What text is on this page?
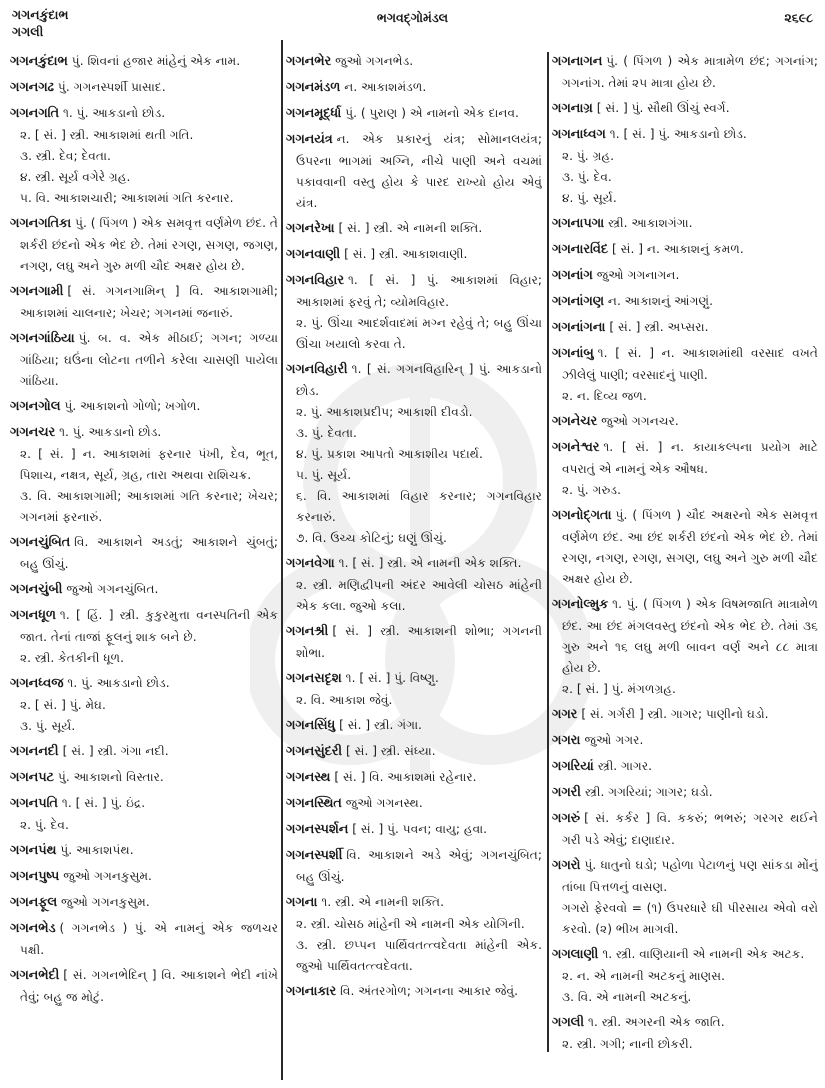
ગગનકુંદાભ
ગગલી
ભગવદ્ગોમંડલ	૨૬૯૮
ગગનકુંદાભ પું. શિવનાં હજાર માંહેનું એક નામ.
ગગનગઢ પું. ગગનસ્પર્શી પ્રાસાદ.
ગગનગતિ ૧. પું. આકડાનો છોડ.
૨. [ સં. ] સ્ત્રી. આકાશમાં થતી ગતિ.
૩. સ્ત્રી. દેવ; દેવતા.
૪. સ્ત્રી. સૂર્ય વગેરે ગ્રહ.
૫. વિ. આકાશચારી; આકાશમાં ગતિ કરનાર.
ગગનગતિકા પું. ( પિંગળ ) એક સમવૃત્ત વર્ણમેળ છંદ. તે શર્કરી છંદનો એક ભેદ છે. તેમાં રગણ, સગણ, જગણ, નગણ, લઘુ અને ગુરુ મળી ચૌદ અક્ષર હોય છે.
ગગનગામી [ સં. ગગનગામિન્ ] વિ. આકાશગામી; આકાશમાં ચાલનાર; ખેચર; ગગનમાં જનારું.
ગગનગાંઠિયા પું. બ. વ. એક મીઠાઈ; ગગન; ગળ્યા ગાંઠિયા; ઘઉંના લોટના તળીને કરેલા ચાસણી પાયેલા ગાંઠિયા.
ગગનગોલ પું. આકાશનો ગોળો; ખગોળ.
ગગનચર ૧. પું. આકડાનો છોડ.
૨. [ સં. ] ન. આકાશમાં ફરનાર પંખી, દેવ, ભૂત, પિશાચ, નક્ષત્ર, સૂર્ય, ગ્રહ, તારા અથવા રાશિચક્ર.
૩. વિ. આકાશગામી; આકાશમાં ગતિ કરનાર; ખેચર; ગગનમાં ફરનારું.
ગગનચુંબિત વિ. આકાશને અડતું; આકાશને ચુંબતું; બહુ ઊંચું.
ગગનચુંબી જુઓ ગગનચુંબિત.
ગગનધૂળ ૧. [ હિં. ] સ્ત્રી. કુકુરમુત્તા વનસ્પતિની એક જાત. તેનાં તાજાં ફૂલનું શાક બને છે.
૨. સ્ત્રી. કેતકીની ધૂળ.
ગગનધ્વજ ૧. પું. આકડાનો છોડ.
૨. [ સં. ] પું. મેઘ.
૩. પું. સૂર્ય.
ગગનનદી [ સં. ] સ્ત્રી. ગંગા નદી.
ગગનપટ પું. આકાશનો વિસ્તાર.
ગગનપતિ ૧. [ સં. ] પું. ઇંદ્ર.
૨. પું. દેવ.
ગગનપંથ પું. આકાશપંથ.
ગગનપુષ્પ જુઓ ગગનકુસુમ.
ગગનફૂલ જુઓ ગગનકુસુમ.
ગગનભેડ ( ગગનભેડ ) પું. એ નામનું એક જળચર પક્ષી.
ગગનભેદી [ સં. ગગનભેદિન્ ] વિ. આકાશને ભેદી નાંખે તેવું; બહુ જ મોટું.
ગગનભેર જુઓ ગગનભેડ.
ગગનમંડળ ન. આકાશમંડળ.
ગગનમૂર્દ્ધા પું. ( પુરાણ ) એ નામનો એક દાનવ.
ગગનયંત્ર ન. એક પ્રકારનું યંત્ર; સોમાનલયંત્ર; ઉપરના ભાગમાં અગ્નિ, નીચે પાણી અને વચમાં પકાવવાની વસ્તુ હોય કે પારદ રાખ્યો હોય એવું યંત્ર.
ગગનરેખા [ સં. ] સ્ત્રી. એ નામની શક્તિ.
ગગનવાણી [ સં. ] સ્ત્રી. આકાશવાણી.
ગગનવિહાર ૧. [ સં. ] પું. આકાશમાં વિહાર; આકાશમાં ફરવું તે; વ્યોમવિહાર.
૨. પું. ઊંચા આદર્શવાદમાં મગ્ન રહેવું તે; બહુ ઊંચા ઊંચા ખયાલો કરવા તે.
ગગનવિહારી ૧. [ સં. ગગનવિહારિન્ ] પું. આકડાનો છોડ.
૨. પું. આકાશપ્રદીપ; આકાશી દીવડો.
૩. પું. દેવતા.
૪. પું. પ્રકાશ આપતો આકાશીય પદાર્થ.
૫. પું. સૂર્ય.
૬. વિ. આકાશમાં વિહાર કરનાર; ગગનવિહાર કરનારું.
૭. વિ. ઉચ્ચ કોટિનું; ઘણું ઊંચું.
ગગનવેગા ૧. [ સં. ] સ્ત્રી. એ નામની એક શક્તિ.
૨. સ્ત્રી. મણિદ્વીપની અંદર આવેલી ચોસઠ માંહેની એક કલા. જુઓ કલા.
ગગનશ્રી [ સં. ] સ્ત્રી. આકાશની શોભા; ગગનની શોભા.
ગગનસદૃશ ૧. [ સં. ] પું. વિષ્ણુ.
૨. વિ. આકાશ જેવું.
ગગનસિંધુ [ સં. ] સ્ત્રી. ગંગા.
ગગનસુંદરી [ સં. ] સ્ત્રી. સંધ્યા.
ગગનસ્થ [ સં. ] વિ. આકાશમાં રહેનાર.
ગગનસ્થિત જુઓ ગગનસ્થ.
ગગનસ્પર્શન [ સં. ] પું. પવન; વાયુ; હવા.
ગગનસ્પર્શી વિ. આકાશને અડે એવું; ગગનચુંબિત; બહુ ઊંચું.
ગગના ૧. સ્ત્રી. એ નામની શક્તિ.
૨. સ્ત્રી. ચોસઠ માંહેની એ નામની એક યોગિની.
૩. સ્ત્રી. છપ્પન પાર્થિવતત્ત્વદેવતા માંહેની એક. જુઓ પાર્થિવતત્ત્વદેવતા.
ગગનાકાર વિ. અંતરગોળ; ગગનના આકાર જેવું.
ગગનાગન પું. ( પિંગળ ) એક માત્રામેળ છંદ; ગગનાંગ; ગગનાંગ. તેમાં ૨૫ માત્રા હોય છે.
ગગનાગ્ર [ સં. ] પું. સૌથી ઊંચું સ્વર્ગ.
ગગનાધ્વગ ૧. [ સં. ] પું. આકડાનો છોડ.
૨. પું. ગ્રહ.
૩. પું. દેવ.
૪. પું. સૂર્ય.
ગગનાપગા સ્ત્રી. આકાશગંગા.
ગગનારવિંદ [ સં. ] ન. આકાશનું કમળ.
ગગનાંગ જુઓ ગગનાગન.
ગગનાંગણ ન. આકાશનું આંગણું.
ગગનાંગના [ સં. ] સ્ત્રી. અપ્સરા.
ગગનાંબુ ૧. [ સં. ] ન. આકાશમાંથી વરસાદ વખતે ઝીલેલું પાણી; વરસાદનું પાણી.
૨. ન. દિવ્ય જળ.
ગગનેચર જુઓ ગગનચર.
ગગનેશ્વર ૧. [ સં. ] ન. કાયાકલ્પના પ્રયોગ માટે વપરાતું એ નામનું એક ઔષધ.
૨. પું. ગરુડ.
ગગનોદ્ગતા પું. ( પિંગળ ) ચૌદ અક્ષરનો એક સમવૃત્ત વર્ણમેળ છંદ. આ છંદ શર્કરી છંદનો એક ભેદ છે. તેમાં રગણ, નગણ, રગણ, સગણ, લઘુ અને ગુરુ મળી ચૌદ અક્ષર હોય છે.
ગગનોલ્મુક ૧. પું. ( પિંગળ ) એક વિષમજાતિ માત્રામેળ છંદ. આ છંદ મંગલવસ્તુ છંદનો એક ભેદ છે. તેમાં ૩૬ ગુરુ અને ૧૬ લઘુ મળી બાવન વર્ણ અને ૮૮ માત્રા હોય છે.
૨. [ સં. ] પું. મંગળગ્રહ.
ગગર [ સં. ગર્ગરી ] સ્ત્રી. ગાગર; પાણીનો ઘડો.
ગગરા જુઓ ગગર.
ગગરિયાં સ્ત્રી. ગાગર.
ગગરી સ્ત્રી. ગગરિયાં; ગાગર; ઘડો.
ગગરું [ સં. કર્કર ] વિ. કકરું; ભભરું; ગરગર થઈને ગરી પડે એવું; દાણાદાર.
ગગરો પું. ધાતુનો ઘડો; પહોળા પેટાળનું પણ સાંકડા મોંનું તાંબા પિત્તળનું વાસણ.
ગગરો ફેરવવો = (૧) ઉપરધારે ઘી પીરસાય એવો વરો કરવો. (૨) ભીખ માગવી.
ગગલાણી ૧. સ્ત્રી. વાણિયાની એ નામની એક અટક.
૨. ન. એ નામની અટકનું માણસ.
૩. વિ. એ નામની અટકનું.
ગગલી ૧. સ્ત્રી. અગરની એક જાતિ.
૨. સ્ત્રી. ગગી; નાની છોકરી.
